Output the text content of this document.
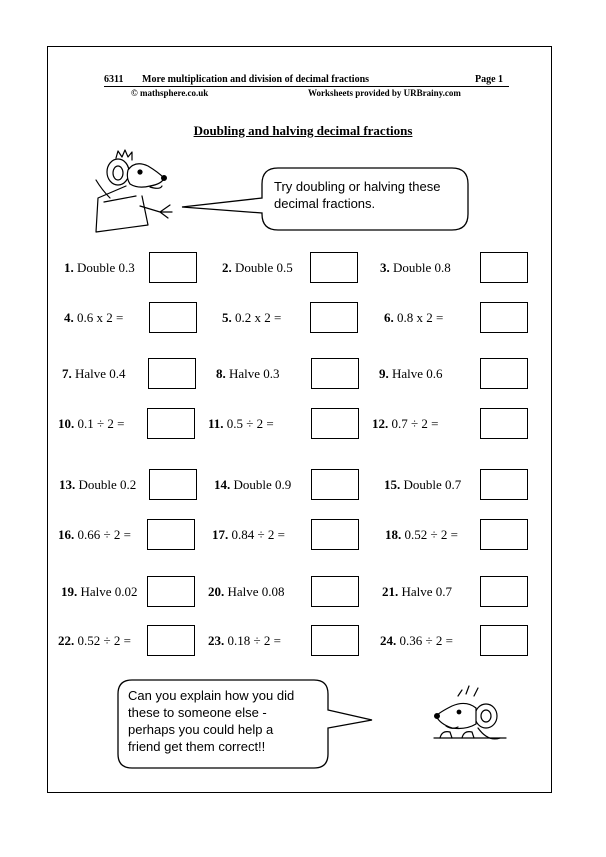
6311 More multiplication and division of decimal fractions	Page 1
© mathsphere.co.uk	Worksheets provided by URBrainy.com
Doubling and halving decimal fractions
Try doubling or halving these
decimal fractions.
Can you explain how you did
these to someone else -
perhaps you could help a
friend get them correct!!
1. Double 0.3	2. Double 0.5	3. Double 0.8
4. 0.6 x 2 =	5. 0.2 x 2 =	6. 0.8 x 2 =
7. Halve 0.4	8. Halve 0.3	9. Halve 0.6
10. 0.1 ÷ 2 =	11. 0.5 ÷ 2 =	12. 0.7 ÷ 2 =
13. Double 0.2	14. Double 0.9	15. Double 0.7
16. 0.66 ÷ 2 =	17. 0.84 ÷ 2 =	18. 0.52 ÷ 2 =
19. Halve 0.02	20. Halve 0.08	21. Halve 0.7
22. 0.52 ÷ 2 =	23. 0.18 ÷ 2 =	24. 0.36 ÷ 2 =
